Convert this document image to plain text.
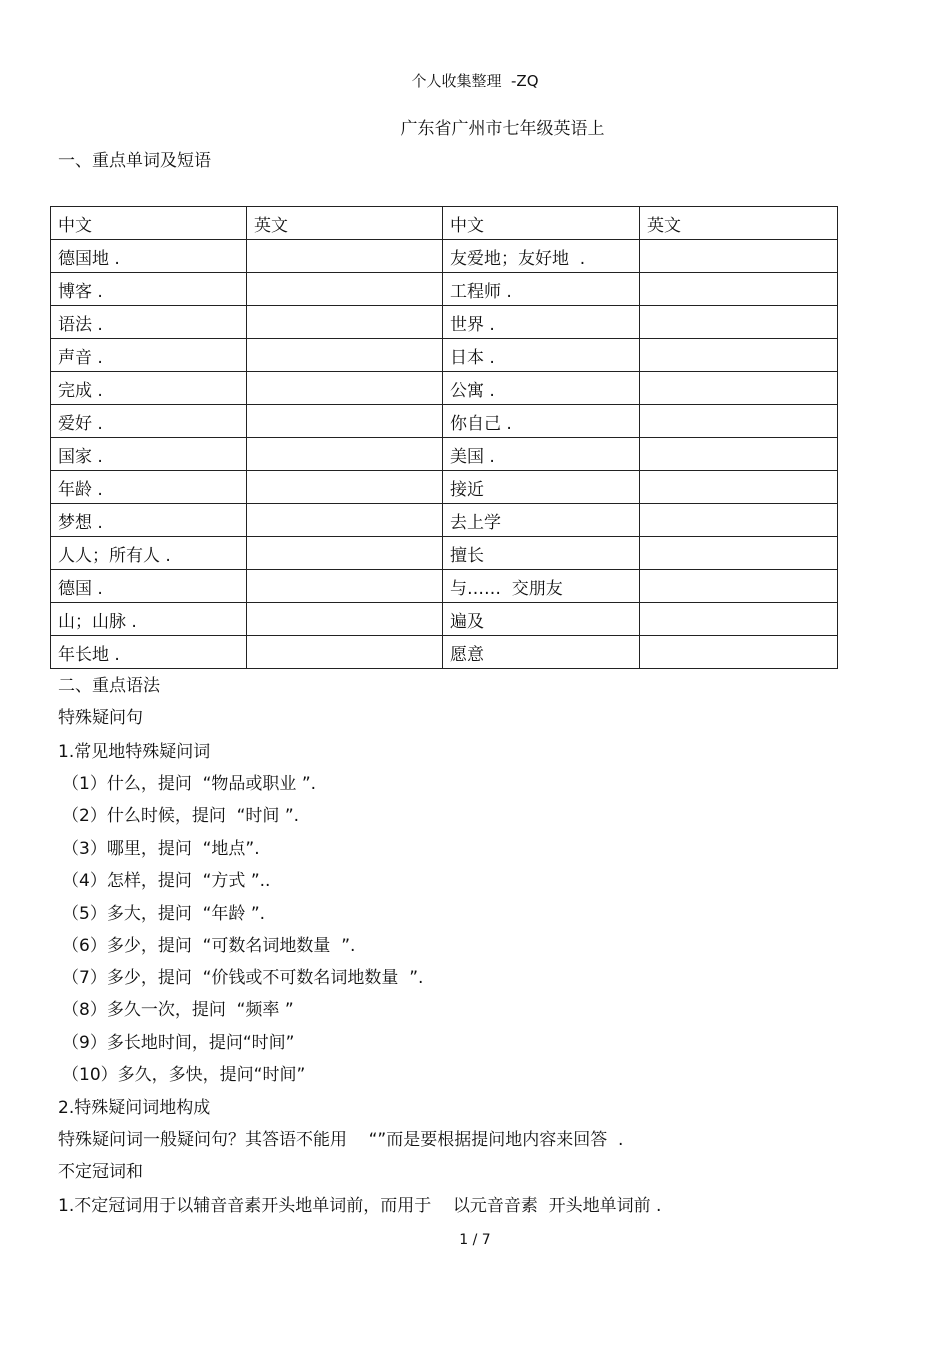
个人收集整理  -ZQ
广东省广州市七年级英语上
一、重点单词及短语
中文	英文	中文	英文
德国地 .		友爱地；友好地  .	
博客 .		工程师 .	
语法 .		世界 .	
声音 .		日本 .	
完成 .		公寓 .	
爱好 .		你自己 .	
国家 .		美国 .	
年龄 .		接近	
梦想 .		去上学	
人人；所有人 .		擅长	
德国 .		与……  交朋友	
山；山脉 .		遍及	
年长地 .		愿意	
二、重点语法
特殊疑问句
1.常见地特殊疑问词
（1）什么，提问  “物品或职业 ”.
（2）什么时候，提问  “时间 ”.
（3）哪里，提问  “地点”.
（4）怎样，提问  “方式 ”..
（5）多大，提问  “年龄 ”.
（6）多少，提问  “可数名词地数量  ”.
（7）多少，提问  “价钱或不可数名词地数量  ”.
（8）多久一次，提问  “频率 ”
（9）多长地时间，提问“时间”
（10）多久，多快，提问“时间”
2.特殊疑问词地构成
特殊疑问词一般疑问句？其答语不能用    “”而是要根据提问地内容来回答  .
不定冠词和
1.不定冠词用于以辅音音素开头地单词前，而用于    以元音音素  开头地单词前 .
1 / 7
